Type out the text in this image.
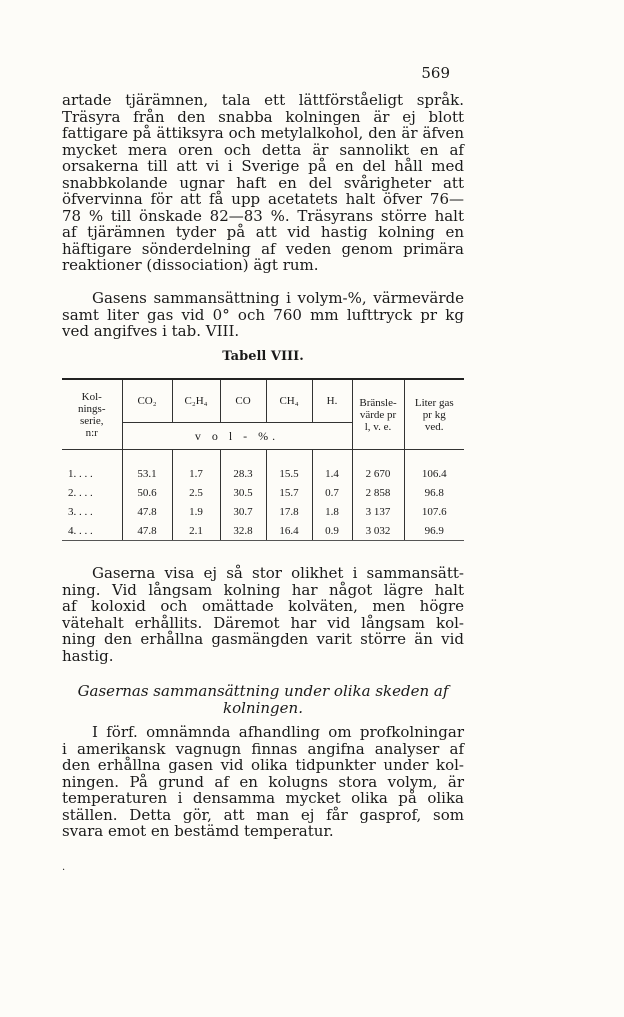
569

artade tjärämnen, tala ett lättförståeligt språk.
Träsyra från den snabba kolningen är ej blott
fattigare på ättiksyra och metylalkohol, den är äfven
mycket mera oren och detta är sannolikt en af
orsakerna till att vi i Sverige på en del håll med
snabbkolande ugnar haft en del svårigheter att
öfvervinna för att få upp acetatets halt öfver 76—
78 % till önskade 82—83 %. Träsyrans större halt
af tjärämnen tyder på att vid hastig kolning en
häftigare sönderdelning af veden genom primära
reaktioner (dissociation) ägt rum.

Gasens sammansättning i volym-%, värmevärde
samt liter gas vid 0° och 760 mm lufttryck pr kg
ved angifves i tab. VIII.

Tabell VIII.
Kol-
nings-
serie,
n:r	CO₂	C₂H₄	CO	CH₄	H.	Bränsle-
värde pr
l, v. e.	Liter gas
pr kg
ved.

	v o l - %.						

1. . . .	53.1	1.7	28.3	15.5	1.4	2 670	106.4
2. . . .	50.6	2.5	30.5	15.7	0.7	2 858	96.8
3. . . .	47.8	1.9	30.7	17.8	1.8	3 137	107.6
4. . . .	47.8	2.1	32.8	16.4	0.9	3 032	96.9

Gaserna visa ej så stor olikhet i sammansätt-
ning. Vid långsam kolning har något lägre halt
af koloxid och omättade kolväten, men högre
vätehalt erhållits. Däremot har vid långsam kol-
ning den erhållna gasmängden varit större än vid
hastig.

Gasernas sammansättning under olika skeden af
kolningen.

I förf. omnämnda afhandling om profkolningar
i amerikansk vagnugn finnas angifna analyser af
den erhållna gasen vid olika tidpunkter under kol-
ningen. På grund af en kolugns stora volym, är
temperaturen i densamma mycket olika på olika
ställen. Detta gör, att man ej får gasprof, som
svara emot en bestämd temperatur.

.
